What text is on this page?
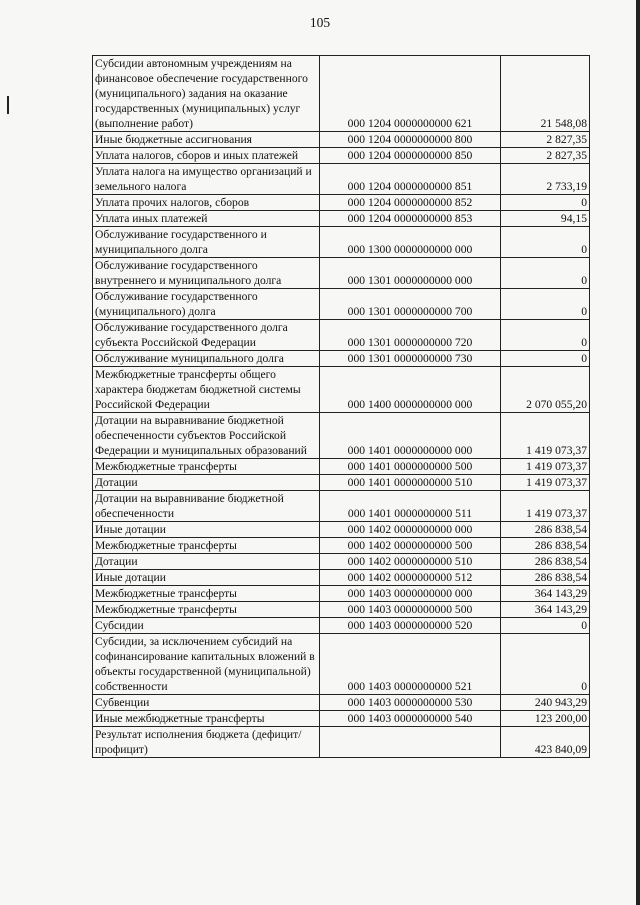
105
Субсидии автономным учреждениям на финансовое обеспечение государственного (муниципального) задания на оказание государственных (муниципальных) услуг (выполнение работ)	000 1204 0000000000 621	21 548,08
Иные бюджетные ассигнования	000 1204 0000000000 800	2 827,35
Уплата налогов, сборов и иных платежей	000 1204 0000000000 850	2 827,35
Уплата налога на имущество организаций и земельного налога	000 1204 0000000000 851	2 733,19
Уплата прочих налогов, сборов	000 1204 0000000000 852	0
Уплата иных платежей	000 1204 0000000000 853	94,15
Обслуживание государственного и муниципального долга	000 1300 0000000000 000	0
Обслуживание государственного внутреннего и муниципального долга	000 1301 0000000000 000	0
Обслуживание государственного (муниципального) долга	000 1301 0000000000 700	0
Обслуживание государственного долга субъекта Российской Федерации	000 1301 0000000000 720	0
Обслуживание муниципального долга	000 1301 0000000000 730	0
Межбюджетные трансферты общего характера бюджетам бюджетной системы Российской Федерации	000 1400 0000000000 000	2 070 055,20
Дотации на выравнивание бюджетной обеспеченности субъектов Российской Федерации и муниципальных образований	000 1401 0000000000 000	1 419 073,37
Межбюджетные трансферты	000 1401 0000000000 500	1 419 073,37
Дотации	000 1401 0000000000 510	1 419 073,37
Дотации на выравнивание бюджетной обеспеченности	000 1401 0000000000 511	1 419 073,37
Иные дотации	000 1402 0000000000 000	286 838,54
Межбюджетные трансферты	000 1402 0000000000 500	286 838,54
Дотации	000 1402 0000000000 510	286 838,54
Иные дотации	000 1402 0000000000 512	286 838,54
Межбюджетные трансферты	000 1403 0000000000 000	364 143,29
Межбюджетные трансферты	000 1403 0000000000 500	364 143,29
Субсидии	000 1403 0000000000 520	0
Субсидии, за исключением субсидий на софинансирование капитальных вложений в объекты государственной (муниципальной) собственности	000 1403 0000000000 521	0
Субвенции	000 1403 0000000000 530	240 943,29
Иные межбюджетные трансферты	000 1403 0000000000 540	123 200,00
Результат исполнения бюджета (дефицит/профицит)		423 840,09
